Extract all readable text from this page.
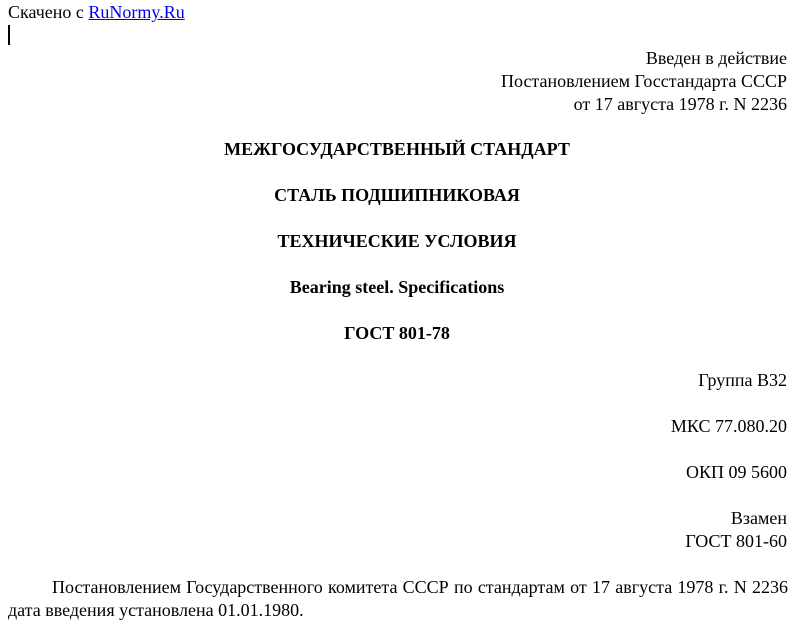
Скачено с RuNormy.Ru
Введен в действие
Постановлением Госстандарта СССР
от 17 августа 1978 г. N 2236
МЕЖГОСУДАРСТВЕННЫЙ СТАНДАРТ
СТАЛЬ ПОДШИПНИКОВАЯ
ТЕХНИЧЕСКИЕ УСЛОВИЯ
Bearing steel. Specifications
ГОСТ 801-78
Группа В32
МКС 77.080.20
ОКП 09 5600
Взамен
ГОСТ 801-60
Постановлением Государственного комитета СССР по стандартам от 17 августа 1978 г. N 2236 дата введения установлена 01.01.1980.
